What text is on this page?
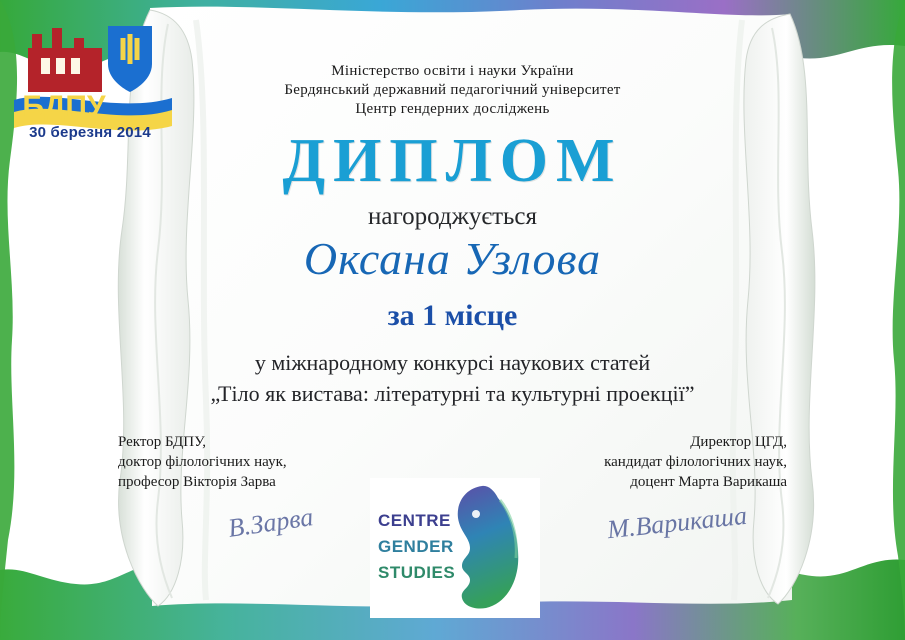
БДПУ
30 березня 2014
Міністерство освіти і науки України
Бердянський державний педагогічний університет
Центр гендерних досліджень
ДИПЛОМ
нагороджується
Оксана Узлова
за 1 місце
у міжнародному конкурсі наукових статей
„Тіло як вистава: літературні та культурні проекції”
Ректор БДПУ,
доктор філологічних наук,
професор Вікторія Зарва
В.Зарва
Директор ЦГД,
кандидат філологічних наук,
доцент Марта Варикаша
М.Варикаша
CENTRE
GENDER
STUDIES
